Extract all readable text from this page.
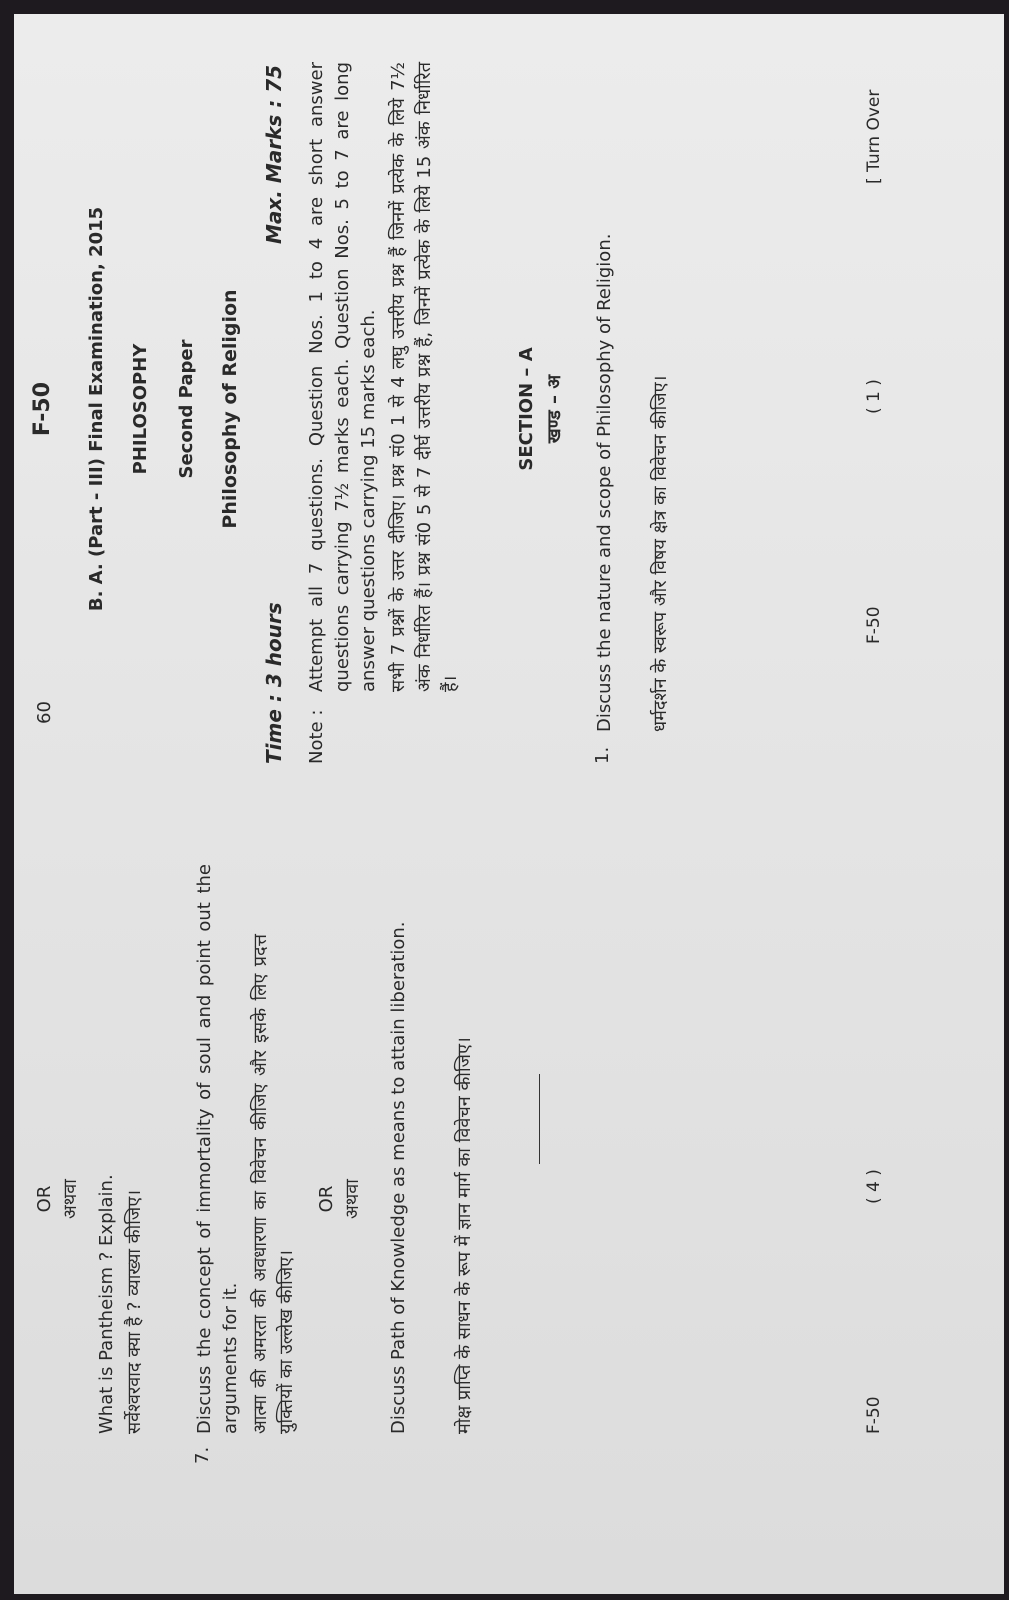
OR अथवा What is Pantheism ? Explain. सर्वेश्वरवाद क्या है ? व्याख्या कीजिए।
7.
Discuss the concept of immortality of soul and point out the arguments for it. आत्मा की अमरता की अवधारणा का विवेचन कीजिए और इसके लिए प्रदत्त युक्तियों का उल्लेख कीजिए।
OR अथवा Discuss Path of Knowledge as means to attain liberation.	मोक्ष प्राप्ति के साधन के रूप में ज्ञान मार्ग का विवेचन कीजिए।	F-50
( 4 )
60
F-50 B. A. (Part - III) Final Examination, 2015 PHILOSOPHY Second Paper Philosophy of Religion
Time : 3 hours
Max. Marks : 75
Note :
Attempt all 7 questions. Question Nos. 1 to 4 are short answer questions carrying 7½ marks each. Question Nos. 5 to 7 are long answer questions carrying 15 marks each. सभी 7 प्रश्नों के उत्तर दीजिए। प्रश्न सं0 1 से 4 लघु उत्तरीय प्रश्न हैं जिनमें प्रत्येक के लिये 7½ अंक निर्धारित हैं। प्रश्न सं0 5 से 7 दीर्घ उत्तरीय प्रश्न हैं, जिनमें प्रत्येक के लिये 15 अंक निर्धारित हैं।
SECTION – A खण्ड – अ
1.
Discuss the nature and scope of Philosophy of Religion. धर्मदर्शन के स्वरूप और विषय क्षेत्र का विवेचन कीजिए।	F-50
( 1 )
[ Turn Over
